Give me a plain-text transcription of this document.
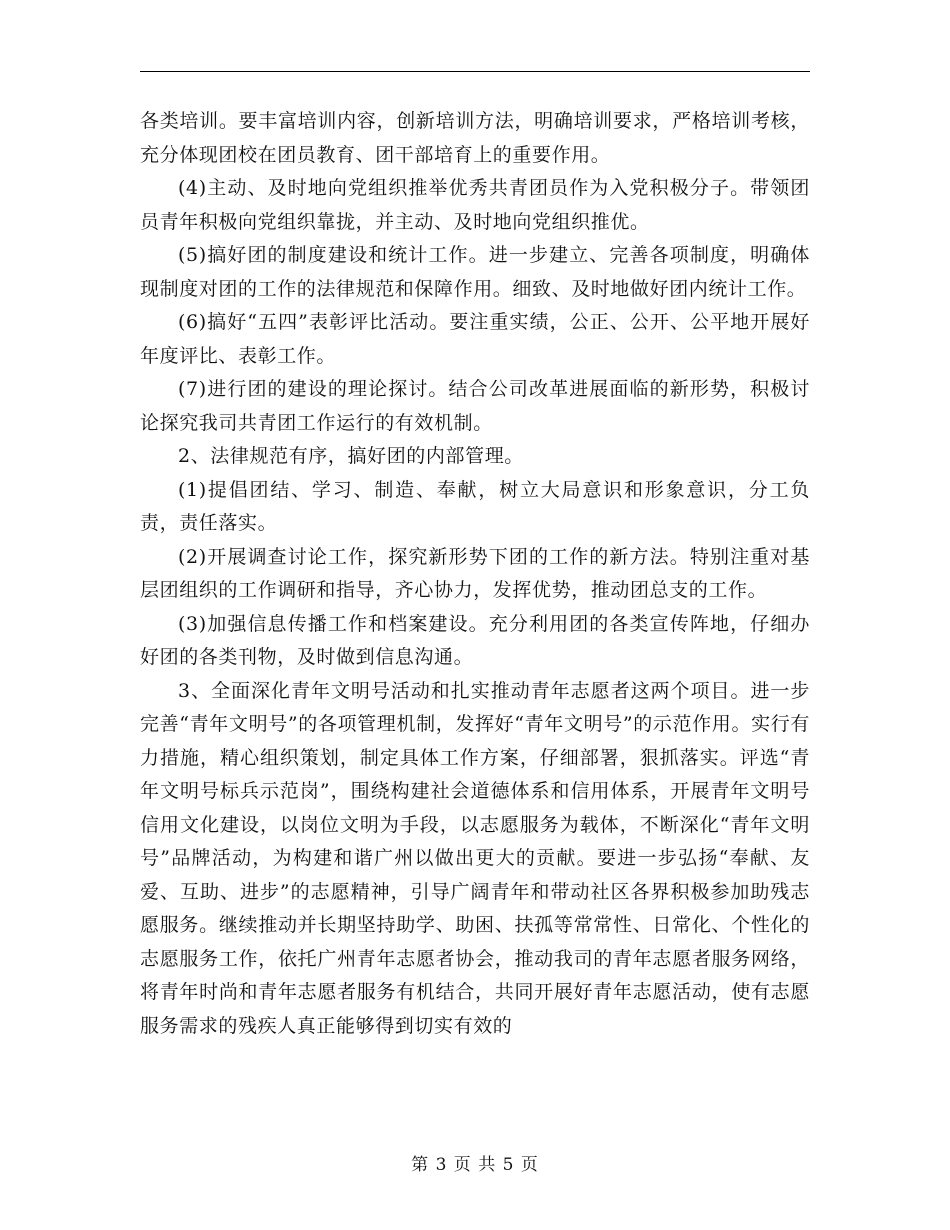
各类培训。要丰富培训内容，创新培训方法，明确培训要求，严格培训考核，充分体现团校在团员教育、团干部培育上的重要作用。

(4)主动、及时地向党组织推举优秀共青团员作为入党积极分子。带领团员青年积极向党组织靠拢，并主动、及时地向党组织推优。

(5)搞好团的制度建设和统计工作。进一步建立、完善各项制度，明确体现制度对团的工作的法律规范和保障作用。细致、及时地做好团内统计工作。

(6)搞好“五四”表彰评比活动。要注重实绩，公正、公开、公平地开展好年度评比、表彰工作。

(7)进行团的建设的理论探讨。结合公司改革进展面临的新形势，积极讨论探究我司共青团工作运行的有效机制。

2、法律规范有序，搞好团的内部管理。

(1)提倡团结、学习、制造、奉献，树立大局意识和形象意识，分工负责，责任落实。

(2)开展调查讨论工作，探究新形势下团的工作的新方法。特别注重对基层团组织的工作调研和指导，齐心协力，发挥优势，推动团总支的工作。

(3)加强信息传播工作和档案建设。充分利用团的各类宣传阵地，仔细办好团的各类刊物，及时做到信息沟通。

3、全面深化青年文明号活动和扎实推动青年志愿者这两个项目。进一步完善“青年文明号”的各项管理机制，发挥好“青年文明号”的示范作用。实行有力措施，精心组织策划，制定具体工作方案，仔细部署，狠抓落实。评选“青年文明号标兵示范岗”，围绕构建社会道德体系和信用体系，开展青年文明号信用文化建设，以岗位文明为手段，以志愿服务为载体，不断深化“青年文明号”品牌活动，为构建和谐广州以做出更大的贡献。要进一步弘扬“奉献、友爱、互助、进步”的志愿精神，引导广阔青年和带动社区各界积极参加助残志愿服务。继续推动并长期坚持助学、助困、扶孤等常常性、日常化、个性化的志愿服务工作，依托广州青年志愿者协会，推动我司的青年志愿者服务网络，将青年时尚和青年志愿者服务有机结合，共同开展好青年志愿活动，使有志愿服务需求的残疾人真正能够得到切实有效的

第 3 页 共 5 页
